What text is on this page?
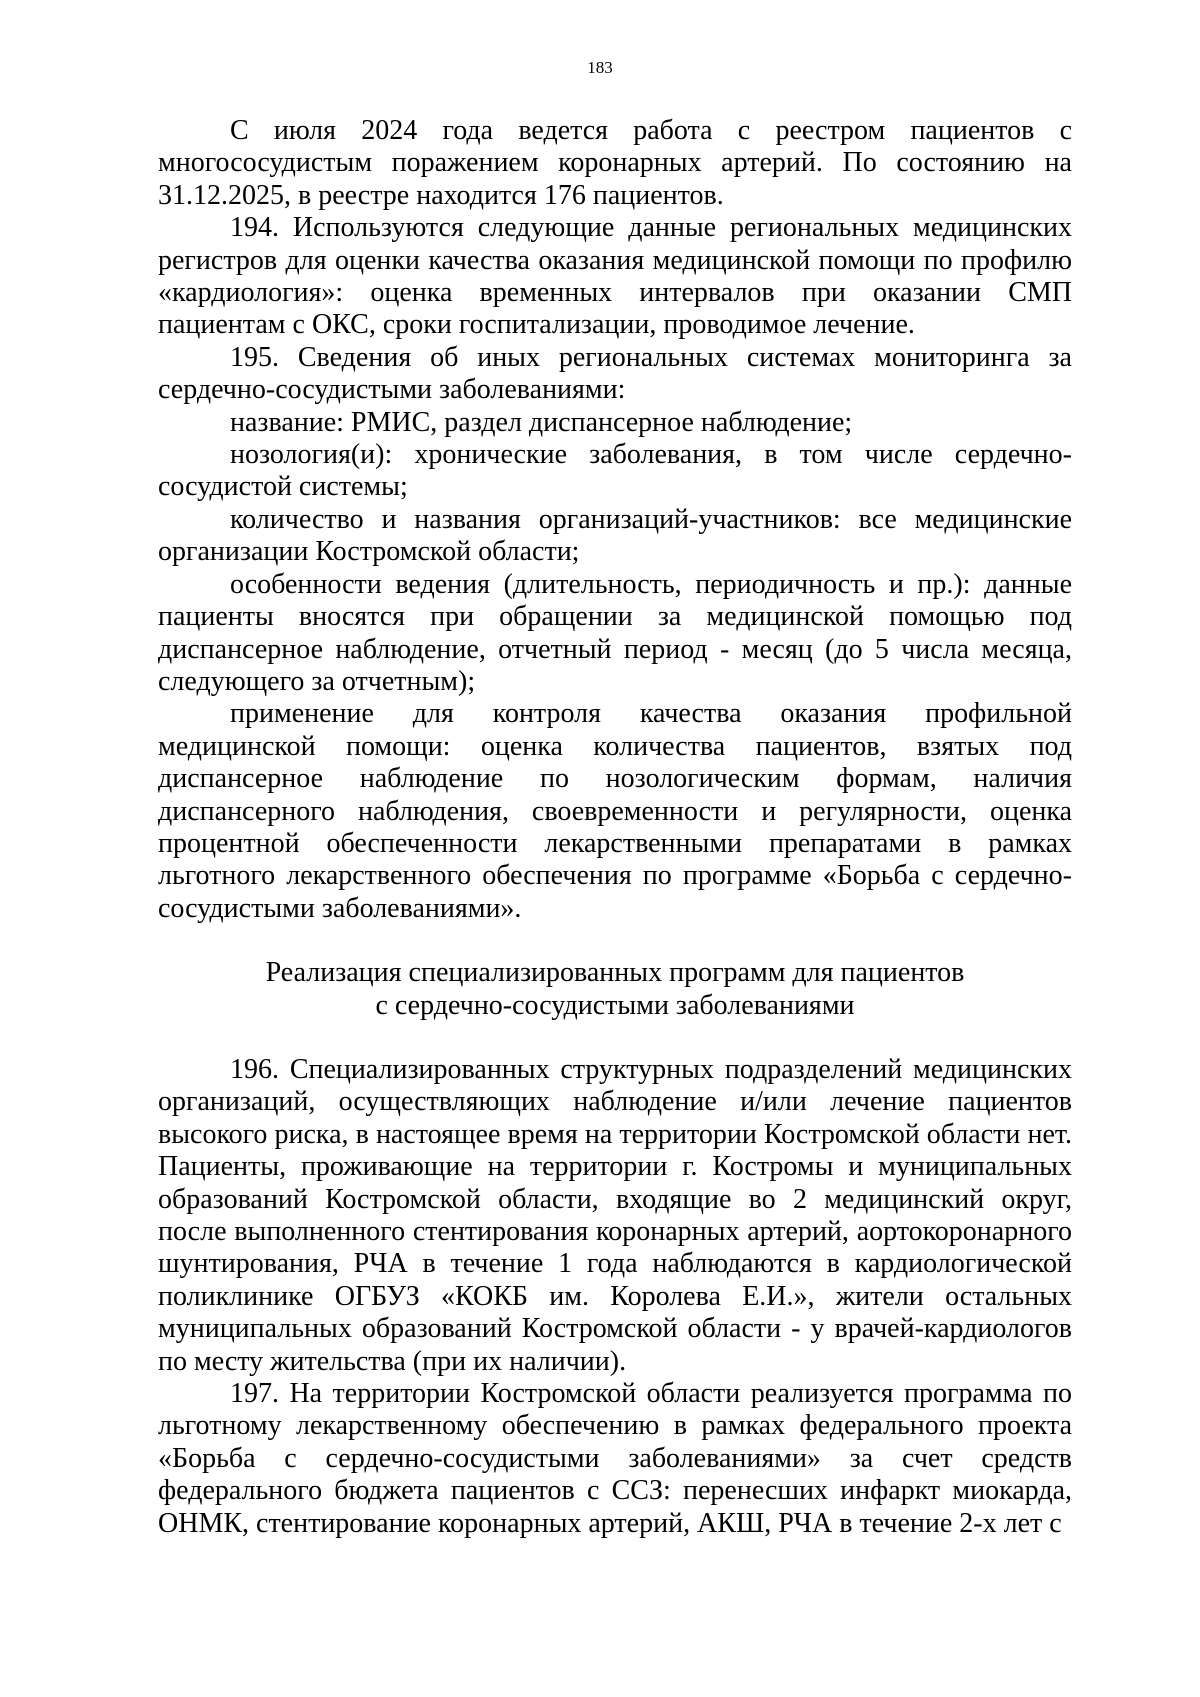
183

С июля 2024 года ведется работа с реестром пациентов с многососудистым поражением коронарных артерий. По состоянию на 31.12.2025, в реестре находится 176 пациентов.

194. Используются следующие данные региональных медицинских регистров для оценки качества оказания медицинской помощи по профилю «кардиология»: оценка временных интервалов при оказании СМП пациентам с ОКС, сроки госпитализации, проводимое лечение.

195. Сведения об иных региональных системах мониторинга за сердечно-сосудистыми заболеваниями:

название: РМИС, раздел диспансерное наблюдение;

нозология(и): хронические заболевания, в том числе сердечно-сосудистой системы;

количество и названия организаций-участников: все медицинские организации Костромской области;

особенности ведения (длительность, периодичность и пр.): данные пациенты вносятся при обращении за медицинской помощью под диспансерное наблюдение, отчетный период - месяц (до 5 числа месяца, следующего за отчетным);

применение для контроля качества оказания профильной медицинской помощи: оценка количества пациентов, взятых под диспансерное наблюдение по нозологическим формам, наличия диспансерного наблюдения, своевременности и регулярности, оценка процентной обеспеченности лекарственными препаратами в рамках льготного лекарственного обеспечения по программе «Борьба с сердечно-сосудистыми заболеваниями».

Реализация специализированных программ для пациентов
с сердечно-сосудистыми заболеваниями

196. Специализированных структурных подразделений медицинских организаций, осуществляющих наблюдение и/или лечение пациентов высокого риска, в настоящее время на территории Костромской области нет. Пациенты, проживающие на территории г. Костромы и муниципальных образований Костромской области, входящие во 2 медицинский округ, после выполненного стентирования коронарных артерий, аортокоронарного шунтирования, РЧА в течение 1 года наблюдаются в кардиологической поликлинике ОГБУЗ «КОКБ им. Королева Е.И.», жители остальных муниципальных образований Костромской области - у врачей-кардиологов по месту жительства (при их наличии).

197. На территории Костромской области реализуется программа по льготному лекарственному обеспечению в рамках федерального проекта «Борьба с сердечно-сосудистыми заболеваниями» за счет средств федерального бюджета пациентов с ССЗ: перенесших инфаркт миокарда, ОНМК, стентирование коронарных артерий, АКШ, РЧА в течение 2-х лет с
